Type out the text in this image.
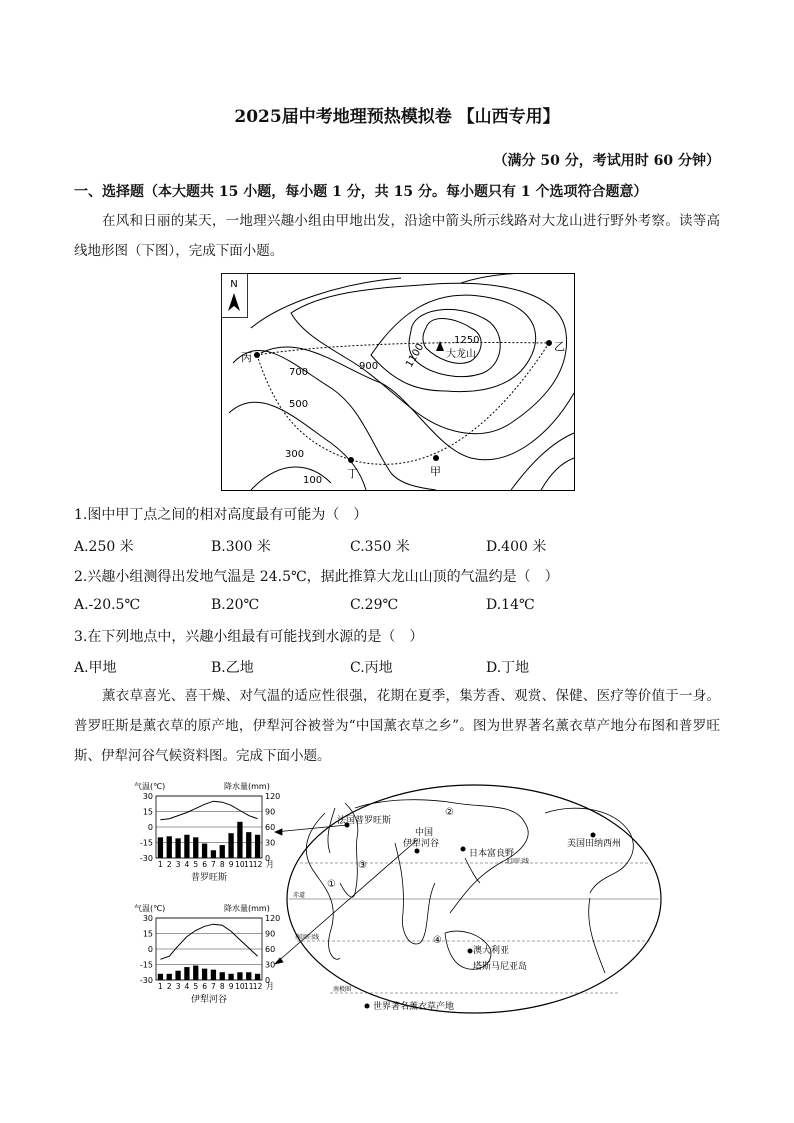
2025届中考地理预热模拟卷 【山西专用】
（满分 50 分，考试用时 60 分钟）
一、选择题（本大题共 15 小题，每小题 1 分，共 15 分。每小题只有 1 个选项符合题意）
在风和日丽的某天，一地理兴趣小组由甲地出发，沿途中箭头所示线路对大龙山进行野外考察。读等高线地形图（下图），完成下面小题。
N
1250
大龙山
1100
900
700
500
300
100
丙
乙
丁	甲
1.图中甲丁点之间的相对高度最有可能为（　）
A.250 米	B.300 米	C.350 米	D.400 米
2.兴趣小组测得出发地气温是 24.5℃，据此推算大龙山山顶的气温约是（　）
A.-20.5℃	B.20℃	C.29℃	D.14℃
3.在下列地点中，兴趣小组最有可能找到水源的是（　）
A.甲地	B.乙地	C.丙地	D.丁地
薰衣草喜光、喜干燥、对气温的适应性很强，花期在夏季，集芳香、观赏、保健、医疗等价值于一身。普罗旺斯是薰衣草的原产地，伊犁河谷被誉为“中国薰衣草之乡”。图为世界著名薰衣草产地分布图和普罗旺斯、伊犁河谷气候资料图。完成下面小题。
气温(℃)	降水量(mm)
30
15
0
-15
-30
120
90
60
30
0
1 2 3 4 5 6 7 8 9 10 11 12 月
普罗旺斯
气温(℃)	降水量(mm)
30
15
0
-15
-30
120
90
60
30
0
1 2 3 4 5 6 7 8 9 10 11 12 月
伊犁河谷
法国普罗旺斯
中国
伊犁河谷
日本富良野
美国田纳西州
澳大利亚
塔斯马尼亚岛
北回归线
赤道
南回归线
南极圈
①
②
③
④
世界著名薰衣草产地
